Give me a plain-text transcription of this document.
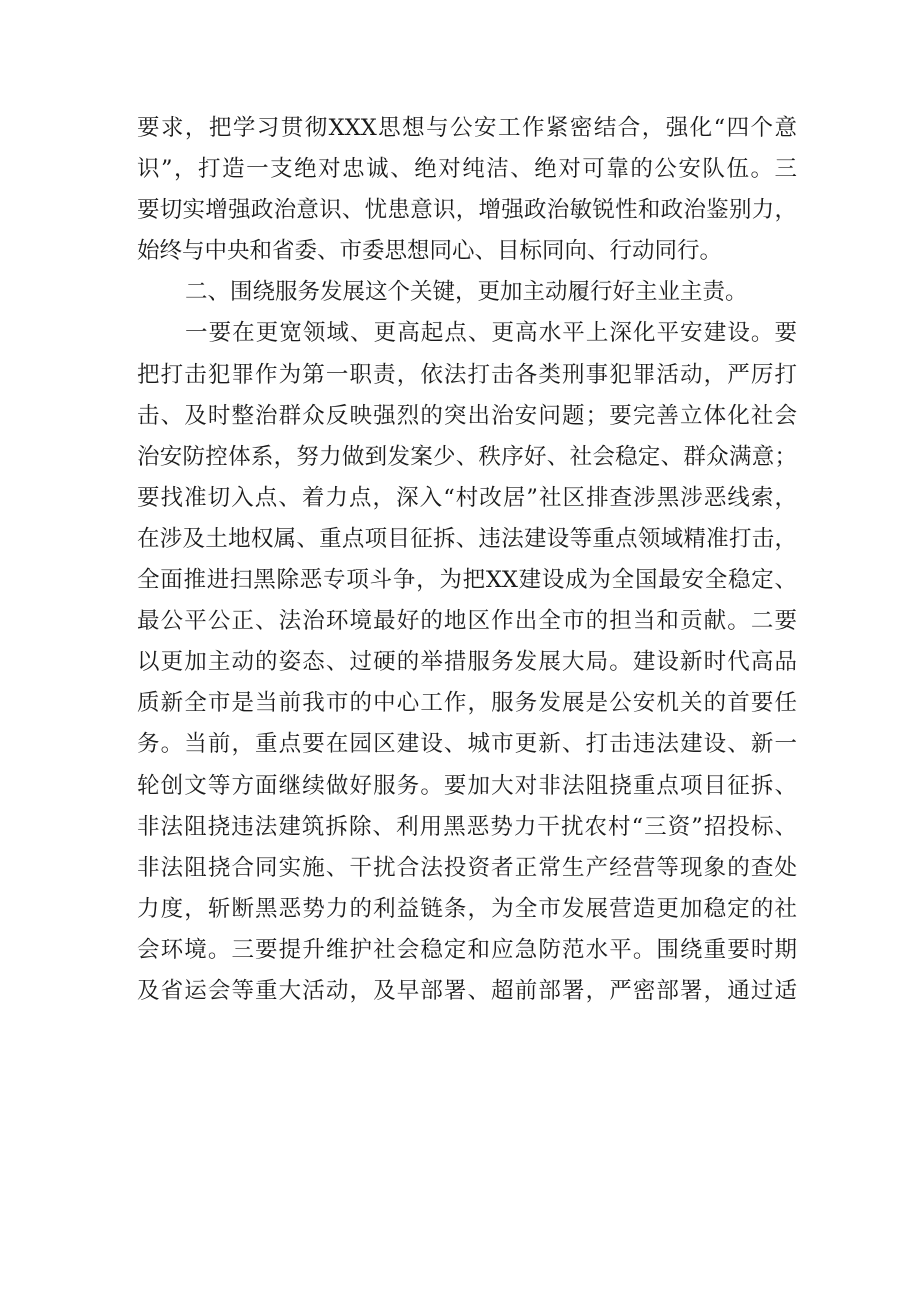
要求，把学习贯彻XXX思想与公安工作紧密结合，强化“四个意
识”，打造一支绝对忠诚、绝对纯洁、绝对可靠的公安队伍。三
要切实增强政治意识、忧患意识，增强政治敏锐性和政治鉴别力，
始终与中央和省委、市委思想同心、目标同向、行动同行。
二、围绕服务发展这个关键，更加主动履行好主业主责。
一要在更宽领域、更高起点、更高水平上深化平安建设。要
把打击犯罪作为第一职责，依法打击各类刑事犯罪活动，严厉打
击、及时整治群众反映强烈的突出治安问题；要完善立体化社会
治安防控体系，努力做到发案少、秩序好、社会稳定、群众满意；
要找准切入点、着力点，深入“村改居”社区排查涉黑涉恶线索，
在涉及土地权属、重点项目征拆、违法建设等重点领域精准打击，
全面推进扫黑除恶专项斗争，为把XX建设成为全国最安全稳定、
最公平公正、法治环境最好的地区作出全市的担当和贡献。二要
以更加主动的姿态、过硬的举措服务发展大局。建设新时代高品
质新全市是当前我市的中心工作，服务发展是公安机关的首要任
务。当前，重点要在园区建设、城市更新、打击违法建设、新一
轮创文等方面继续做好服务。要加大对非法阻挠重点项目征拆、
非法阻挠违法建筑拆除、利用黑恶势力干扰农村“三资”招投标、
非法阻挠合同实施、干扰合法投资者正常生产经营等现象的查处
力度，斩断黑恶势力的利益链条，为全市发展营造更加稳定的社
会环境。三要提升维护社会稳定和应急防范水平。围绕重要时期
及省运会等重大活动，及早部署、超前部署，严密部署，通过适
